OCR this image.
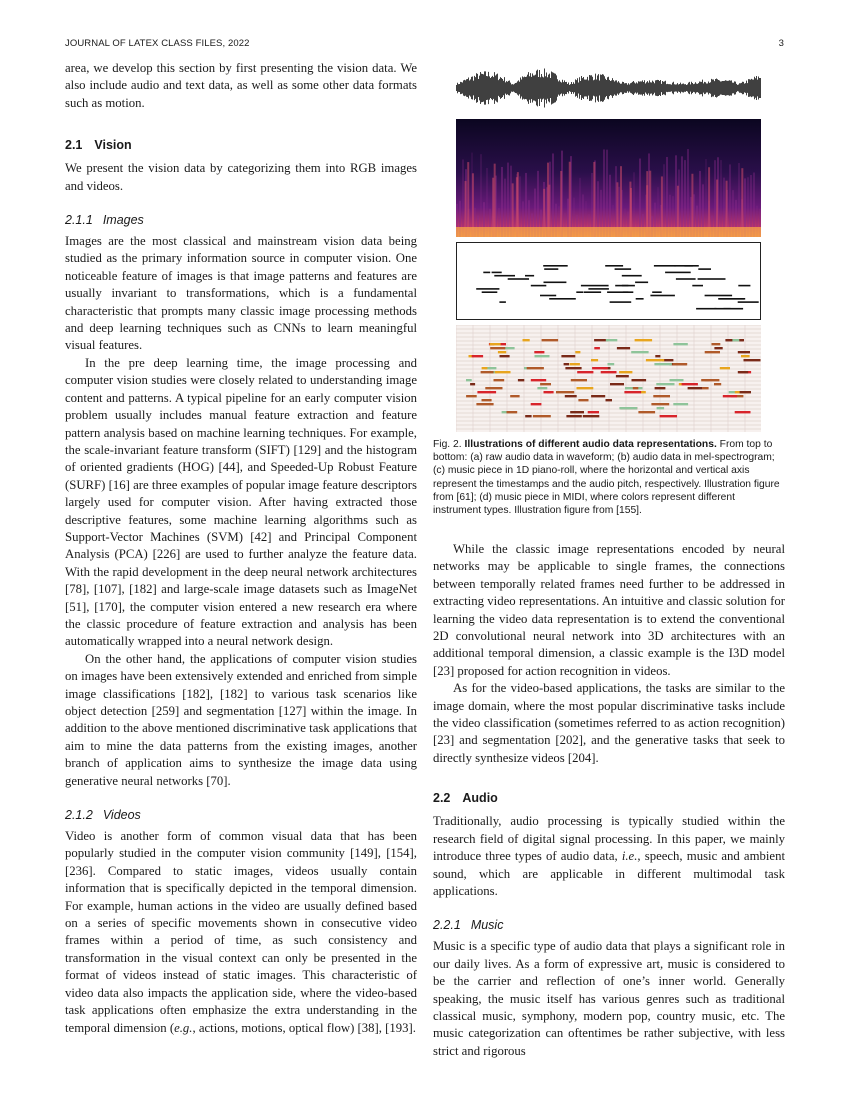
JOURNAL OF LATEX CLASS FILES, 2022	3

area, we develop this section by first presenting the vision data. We also include audio and text data, as well as some other data formats such as motion.

2.1 Vision

We present the vision data by categorizing them into RGB images and videos.

2.1.1 Images

Images are the most classical and mainstream vision data being studied as the primary information source in computer vision. One noticeable feature of images is that image patterns and features are usually invariant to transformations, which is a fundamental characteristic that prompts many classic image processing methods and deep learning techniques such as CNNs to learn meaningful visual features.

In the pre deep learning time, the image processing and computer vision studies were closely related to understanding image content and patterns. A typical pipeline for an early computer vision problem usually includes manual feature extraction and feature pattern analysis based on machine learning techniques. For example, the scale-invariant feature transform (SIFT) [129] and the histogram of oriented gradients (HOG) [44], and Speeded-Up Robust Feature (SURF) [16] are three examples of popular image feature descriptors largely used for computer vision. After having extracted those descriptive features, some machine learning algorithms such as Support-Vector Machines (SVM) [42] and Principal Component Analysis (PCA) [226] are used to further analyze the feature data. With the rapid development in the deep neural network architectures [78], [107], [182] and large-scale image datasets such as ImageNet [51], [170], the computer vision entered a new research era where the classic procedure of feature extraction and analysis has been automatically wrapped into a neural network design.

On the other hand, the applications of computer vision studies on images have been extensively extended and enriched from simple image classifications [182], [182] to various task scenarios like object detection [259] and segmentation [127] within the image. In addition to the above mentioned discriminative task applications that aim to mine the data patterns from the existing images, another branch of application aims to synthesize the image data using generative neural networks [70].

2.1.2 Videos

Video is another form of common visual data that has been popularly studied in the computer vision community [149], [154], [236]. Compared to static images, videos usually contain information that is specifically depicted in the temporal dimension. For example, human actions in the video are usually defined based on a series of specific movements shown in consecutive video frames within a period of time, as such consistency and transformation in the visual context can only be presented in the format of videos instead of static images. This characteristic of video data also impacts the application side, where the video-based task applications often emphasize the extra understanding in the temporal dimension (e.g., actions, motions, optical flow) [38], [193].

Fig. 2. Illustrations of different audio data representations. From top to bottom: (a) raw audio data in waveform; (b) audio data in mel-spectrogram; (c) music piece in 1D piano-roll, where the horizontal and vertical axis represent the timestamps and the audio pitch, respectively. Illustration figure from [61]; (d) music piece in MIDI, where colors represent different instrument types. Illustration figure from [155].

While the classic image representations encoded by neural networks may be applicable to single frames, the connections between temporally related frames need further to be addressed in extracting video representations. An intuitive and classic solution for learning the video data representation is to extend the conventional 2D convolutional neural network into 3D architectures with an additional temporal dimension, a classic example is the I3D model [23] proposed for action recognition in videos.

As for the video-based applications, the tasks are similar to the image domain, where the most popular discriminative tasks include the video classification (sometimes referred to as action recognition) [23] and segmentation [202], and the generative tasks that seek to directly synthesize videos [204].

2.2 Audio

Traditionally, audio processing is typically studied within the research field of digital signal processing. In this paper, we mainly introduce three types of audio data, i.e., speech, music and ambient sound, which are applicable in different multimodal task applications.

2.2.1 Music

Music is a specific type of audio data that plays a significant role in our daily lives. As a form of expressive art, music is considered to be the carrier and reflection of one’s inner world. Generally speaking, the music itself has various genres such as traditional classical music, symphony, modern pop, country music, etc. The music categorization can oftentimes be rather subjective, with less strict and rigorous
